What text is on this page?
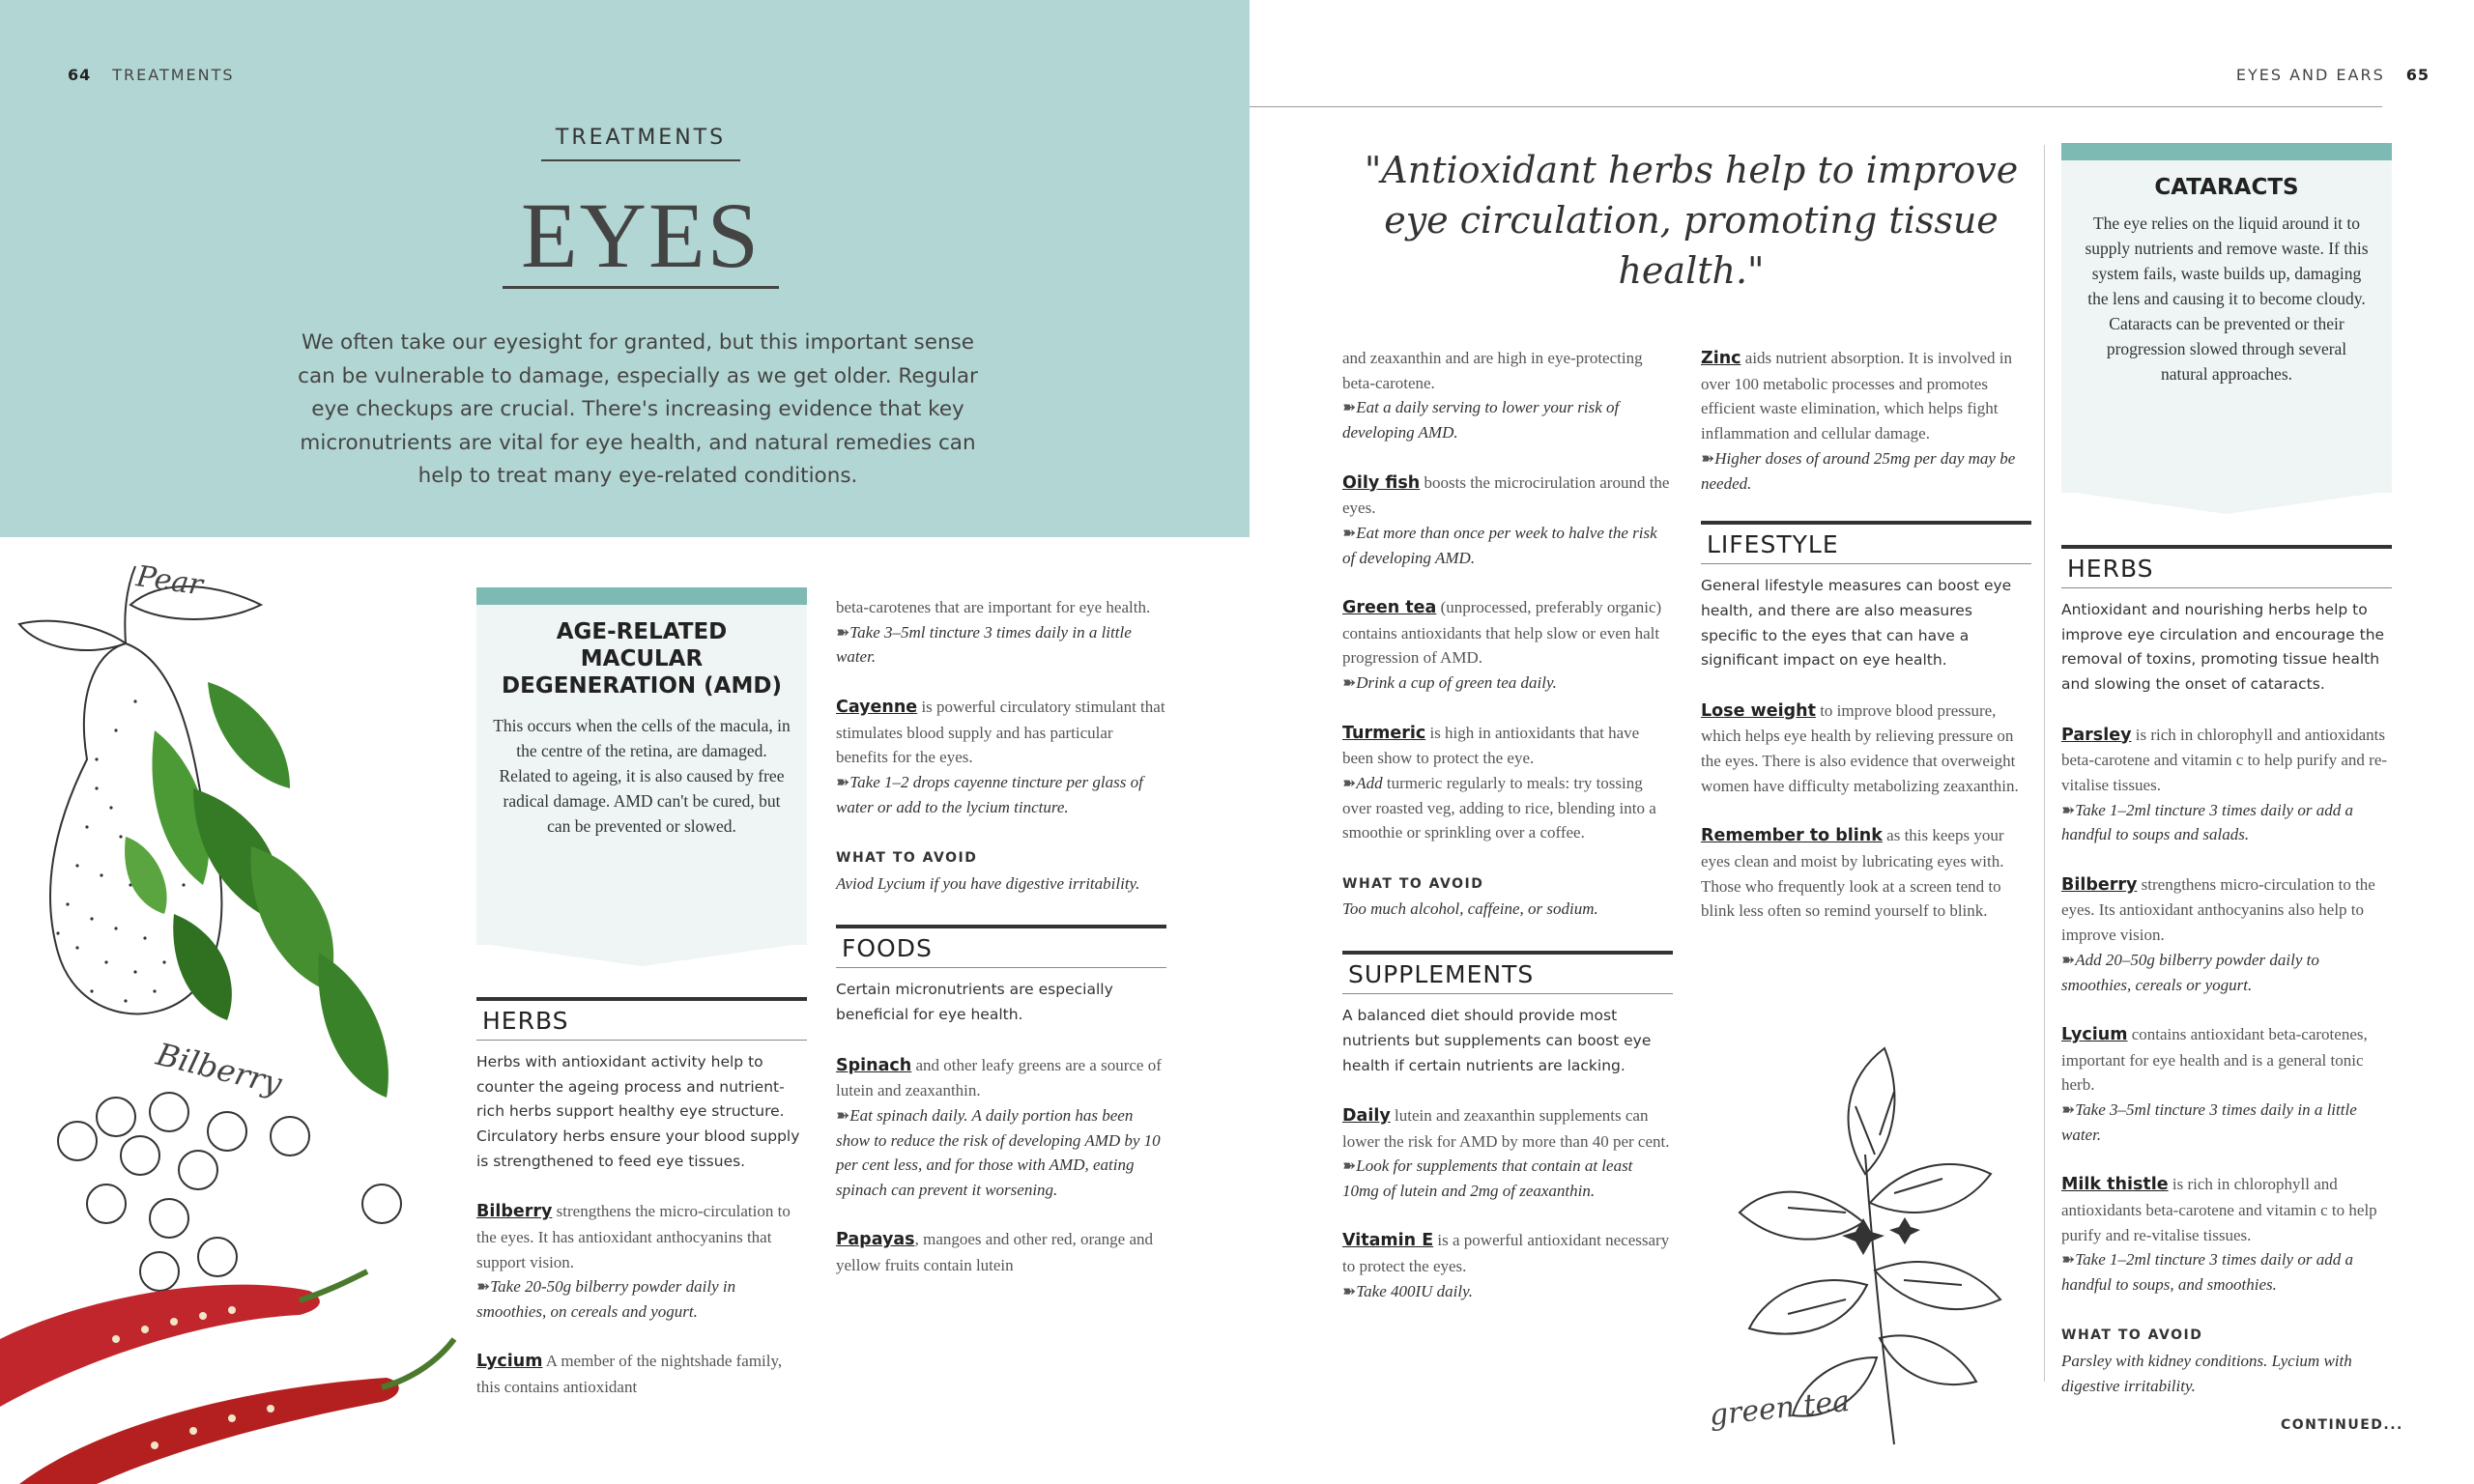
64 TREATMENTS	EYES AND EARS 65
TREATMENTS
EYES
We often take our eyesight for granted, but this important sense can be vulnerable to damage, especially as we get older. Regular eye checkups are crucial. There's increasing evidence that key micronutrients are vital for eye health, and natural remedies can help to treat many eye-related conditions.
Pear
Bilberry
AGE-RELATED MACULAR DEGENERATION (AMD)
This occurs when the cells of the macula, in the centre of the retina, are damaged. Related to ageing, it is also caused by free radical damage. AMD can't be cured, but can be prevented or slowed.
HERBS

Herbs with antioxidant activity help to counter the ageing process and nutrient-rich herbs support healthy eye structure. Circulatory herbs ensure your blood supply is strengthened to feed eye tissues.

Bilberry strengthens the micro-circulation to the eyes. It has antioxidant anthocyanins that support vision.
➽Take 20-50g bilberry powder daily in smoothies, on cereals and yogurt.

Lycium A member of the nightshade family, this contains antioxidant

beta-carotenes that are important for eye health.
➽Take 3–5ml tincture 3 times daily in a little water.

Cayenne is powerful circulatory stimulant that stimulates blood supply and has particular benefits for the eyes.
➽Take 1–2 drops cayenne tincture per glass of water or add to the lycium tincture.

WHAT TO AVOID
Aviod Lycium if you have digestive irritability.

FOODS

Certain micronutrients are especially beneficial for eye health.

Spinach and other leafy greens are a source of lutein and zeaxanthin.
➽Eat spinach daily. A daily portion has been show to reduce the risk of developing AMD by 10 per cent less, and for those with AMD, eating spinach can prevent it worsening.

Papayas, mangoes and other red, orange and yellow fruits contain lutein

"Antioxidant herbs help to improve eye circulation, promoting tissue health."

and zeaxanthin and are high in eye-protecting beta-carotene.
➽Eat a daily serving to lower your risk of developing AMD.

Oily fish boosts the microcirulation around the eyes.
➽Eat more than once per week to halve the risk of developing AMD.

Green tea (unprocessed, preferably organic) contains antioxidants that help slow or even halt progression of AMD.
➽Drink a cup of green tea daily.

Turmeric is high in antioxidants that have been show to protect the eye.
➽Add turmeric regularly to meals: try tossing over roasted veg, adding to rice, blending into a smoothie or sprinkling over a coffee.

WHAT TO AVOID
Too much alcohol, caffeine, or sodium.

SUPPLEMENTS

A balanced diet should provide most nutrients but supplements can boost eye health if certain nutrients are lacking.

Daily lutein and zeaxanthin supplements can lower the risk for AMD by more than 40 per cent.
➽Look for supplements that contain at least 10mg of lutein and 2mg of zeaxanthin.

Vitamin E is a powerful antioxidant necessary to protect the eyes.
➽Take 400IU daily.

Zinc aids nutrient absorption. It is involved in over 100 metabolic processes and promotes efficient waste elimination, which helps fight inflammation and cellular damage.
➽Higher doses of around 25mg per day may be needed.

LIFESTYLE

General lifestyle measures can boost eye health, and there are also measures specific to the eyes that can have a significant impact on eye health.

Lose weight to improve blood pressure, which helps eye health by relieving pressure on the eyes. There is also evidence that overweight women have difficulty metabolizing zeaxanthin.

Remember to blink as this keeps your eyes clean and moist by lubricating eyes with. Those who frequently look at a screen tend to blink less often so remind yourself to blink.

green tea
CATARACTS
The eye relies on the liquid around it to supply nutrients and remove waste. If this system fails, waste builds up, damaging the lens and causing it to become cloudy. Cataracts can be prevented or their progression slowed through several natural approaches.
HERBS

Antioxidant and nourishing herbs help to improve eye circulation and encourage the removal of toxins, promoting tissue health and slowing the onset of cataracts.

Parsley is rich in chlorophyll and antioxidants beta-carotene and vitamin c to help purify and re-vitalise tissues.
➽Take 1–2ml tincture 3 times daily or add a handful to soups and salads.

Bilberry strengthens micro-circulation to the eyes. Its antioxidant anthocyanins also help to improve vision.
➽Add 20–50g bilberry powder daily to smoothies, cereals or yogurt.

Lycium contains antioxidant beta-carotenes, important for eye health and is a general tonic herb.
➽Take 3–5ml tincture 3 times daily in a little water.

Milk thistle is rich in chlorophyll and antioxidants beta-carotene and vitamin c to help purify and re-vitalise tissues.
➽Take 1–2ml tincture 3 times daily or add a handful to soups, and smoothies.

WHAT TO AVOID
Parsley with kidney conditions. Lycium with digestive irritability.

CONTINUED...
